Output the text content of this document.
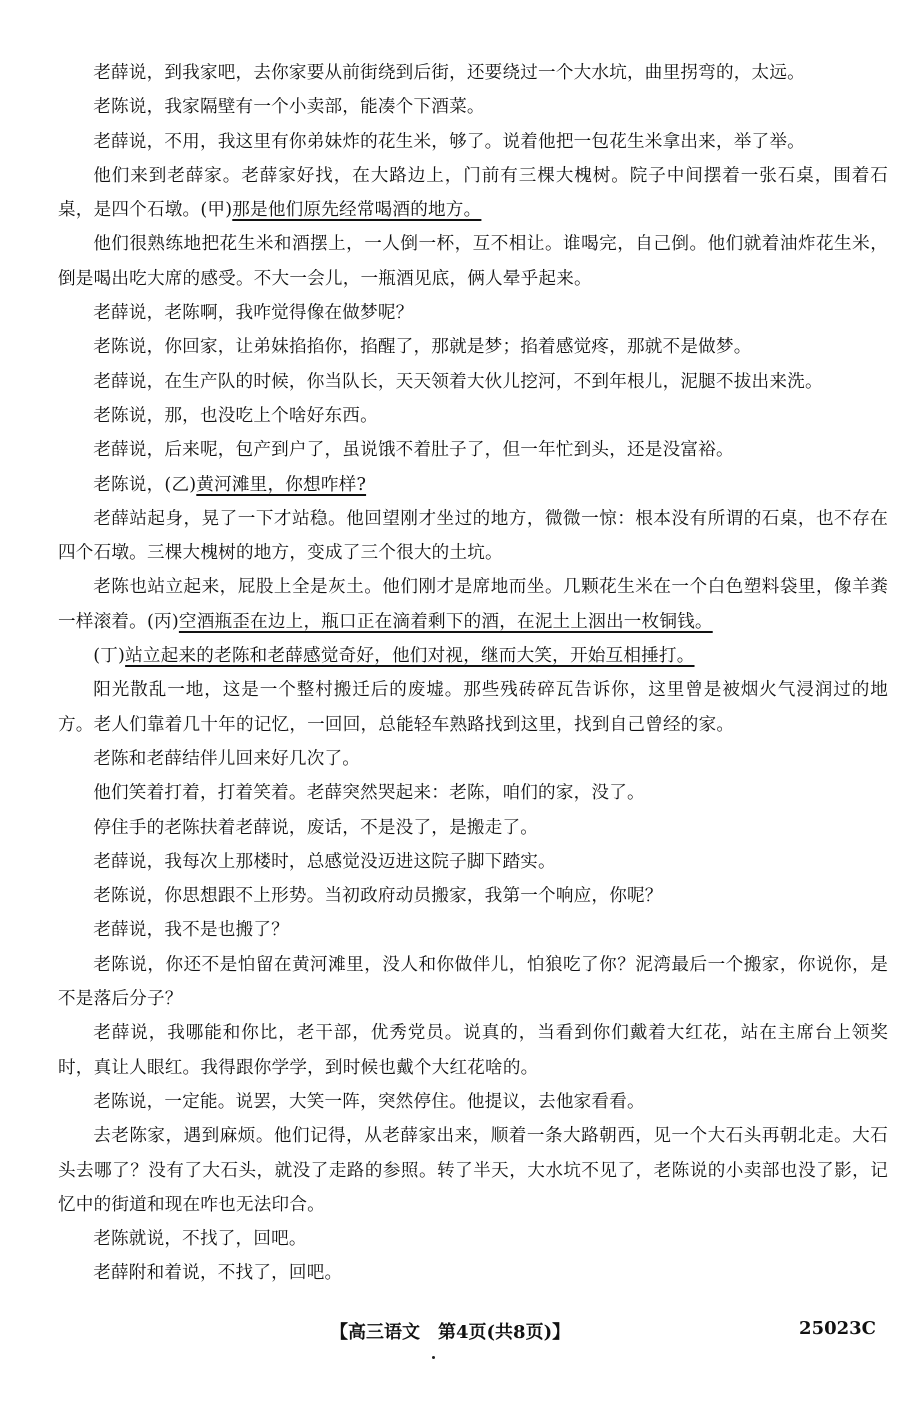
老薛说，到我家吧，去你家要从前街绕到后街，还要绕过一个大水坑，曲里拐弯的，太远。

老陈说，我家隔壁有一个小卖部，能凑个下酒菜。

老薛说，不用，我这里有你弟妹炸的花生米，够了。说着他把一包花生米拿出来，举了举。

他们来到老薛家。老薛家好找，在大路边上，门前有三棵大槐树。院子中间摆着一张石桌，围着石桌，是四个石墩。(甲)那是他们原先经常喝酒的地方。

他们很熟练地把花生米和酒摆上，一人倒一杯，互不相让。谁喝完，自己倒。他们就着油炸花生米，倒是喝出吃大席的感受。不大一会儿，一瓶酒见底，俩人晕乎起来。

老薛说，老陈啊，我咋觉得像在做梦呢？

老陈说，你回家，让弟妹掐掐你，掐醒了，那就是梦；掐着感觉疼，那就不是做梦。

老薛说，在生产队的时候，你当队长，天天领着大伙儿挖河，不到年根儿，泥腿不拔出来洗。

老陈说，那，也没吃上个啥好东西。

老薛说，后来呢，包产到户了，虽说饿不着肚子了，但一年忙到头，还是没富裕。

老陈说，(乙)黄河滩里，你想咋样?

老薛站起身，晃了一下才站稳。他回望刚才坐过的地方，微微一惊：根本没有所谓的石桌，也不存在四个石墩。三棵大槐树的地方，变成了三个很大的土坑。

老陈也站立起来，屁股上全是灰土。他们刚才是席地而坐。几颗花生米在一个白色塑料袋里，像羊粪一样滚着。(丙)空酒瓶歪在边上，瓶口正在滴着剩下的酒，在泥土上洇出一枚铜钱。

(丁)站立起来的老陈和老薛感觉奇好，他们对视，继而大笑，开始互相捶打。

阳光散乱一地，这是一个整村搬迁后的废墟。那些残砖碎瓦告诉你，这里曾是被烟火气浸润过的地方。老人们靠着几十年的记忆，一回回，总能轻车熟路找到这里，找到自己曾经的家。

老陈和老薛结伴儿回来好几次了。

他们笑着打着，打着笑着。老薛突然哭起来：老陈，咱们的家，没了。

停住手的老陈扶着老薛说，废话，不是没了，是搬走了。

老薛说，我每次上那楼时，总感觉没迈进这院子脚下踏实。

老陈说，你思想跟不上形势。当初政府动员搬家，我第一个响应，你呢？

老薛说，我不是也搬了？

老陈说，你还不是怕留在黄河滩里，没人和你做伴儿，怕狼吃了你？泥湾最后一个搬家，你说你，是不是落后分子？

老薛说，我哪能和你比，老干部，优秀党员。说真的，当看到你们戴着大红花，站在主席台上领奖时，真让人眼红。我得跟你学学，到时候也戴个大红花啥的。

老陈说，一定能。说罢，大笑一阵，突然停住。他提议，去他家看看。

去老陈家，遇到麻烦。他们记得，从老薛家出来，顺着一条大路朝西，见一个大石头再朝北走。大石头去哪了？没有了大石头，就没了走路的参照。转了半天，大水坑不见了，老陈说的小卖部也没了影，记忆中的街道和现在咋也无法印合。

老陈就说，不找了，回吧。

老薛附和着说，不找了，回吧。

【高三语文　第4页(共8页)】	25023C
